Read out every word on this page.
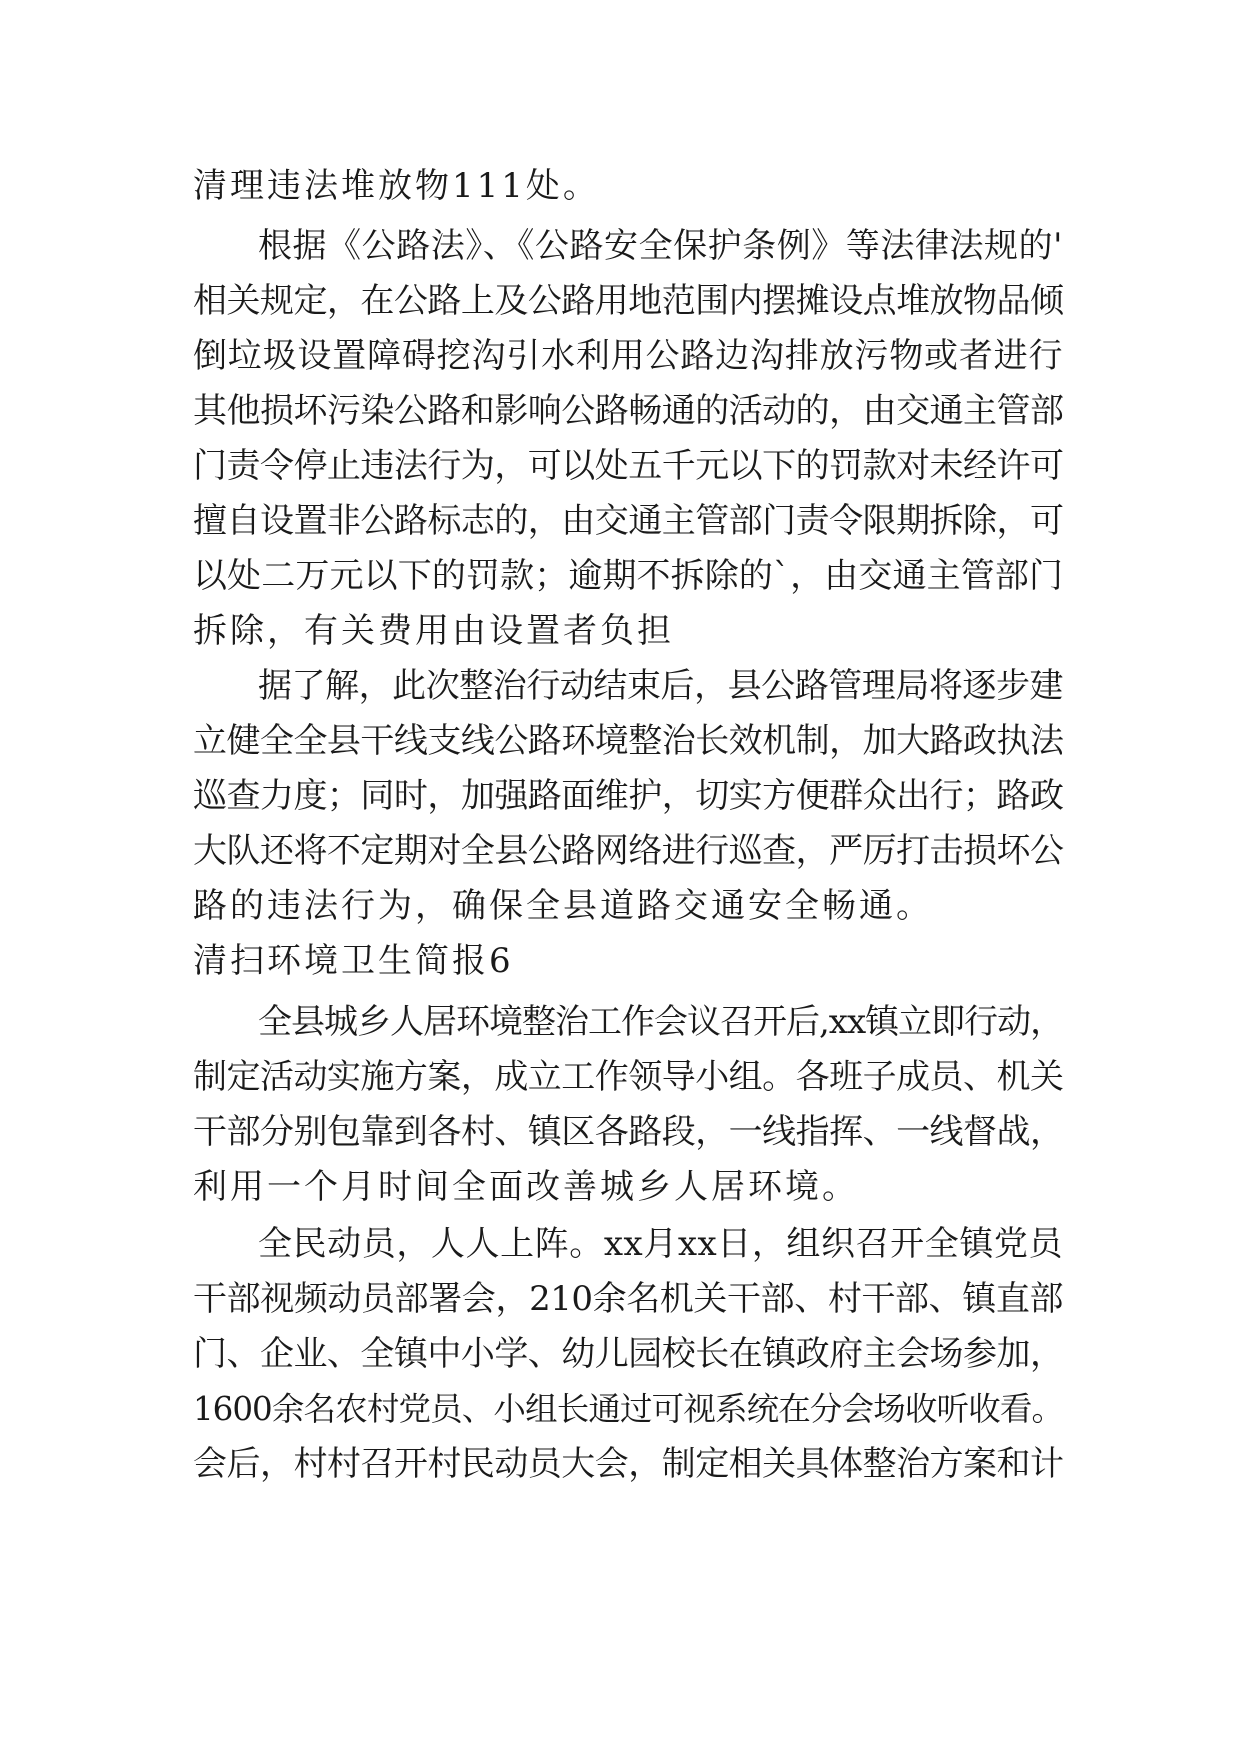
清理违法堆放物111处。
根据《公路法》、《公路安全保护条例》等法律法规的'
相关规定，在公路上及公路用地范围内摆摊设点堆放物品倾
倒垃圾设置障碍挖沟引水利用公路边沟排放污物或者进行
其他损坏污染公路和影响公路畅通的活动的，由交通主管部
门责令停止违法行为，可以处五千元以下的罚款对未经许可
擅自设置非公路标志的，由交通主管部门责令限期拆除，可
以处二万元以下的罚款；逾期不拆除的`，由交通主管部门
拆除，有关费用由设置者负担
据了解，此次整治行动结束后，县公路管理局将逐步建
立健全全县干线支线公路环境整治长效机制，加大路政执法
巡查力度；同时，加强路面维护，切实方便群众出行；路政
大队还将不定期对全县公路网络进行巡查，严厉打击损坏公
路的违法行为，确保全县道路交通安全畅通。
清扫环境卫生简报6
全县城乡人居环境整治工作会议召开后,xx镇立即行动，
制定活动实施方案，成立工作领导小组。各班子成员、机关
干部分别包靠到各村、镇区各路段，一线指挥、一线督战，
利用一个月时间全面改善城乡人居环境。
全民动员，人人上阵。xx月xx日，组织召开全镇党员
干部视频动员部署会，210余名机关干部、村干部、镇直部
门、企业、全镇中小学、幼儿园校长在镇政府主会场参加，
1600余名农村党员、小组长通过可视系统在分会场收听收看。
会后，村村召开村民动员大会，制定相关具体整治方案和计
